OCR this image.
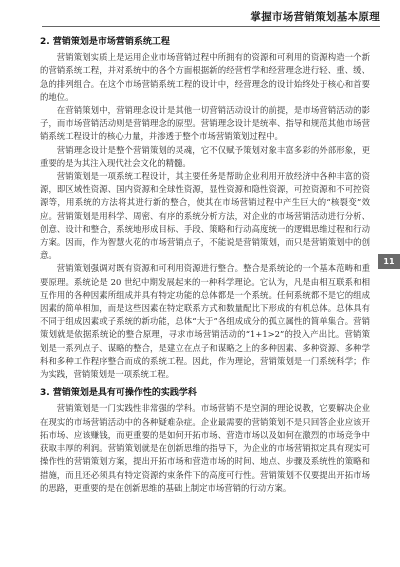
掌握市场营销策划基本原理
11
2. 营销策划是市场营销系统工程

营销策划实质上是运用企业市场营销过程中所拥有的资源和可利用的资源构造一个新的营销系统工程，并对系统中的各个方面根据新的经营哲学和经营理念进行轻、重、缓、急的排列组合。在这个市场营销系统工程的设计中，经营理念的设计始终处于核心和首要的地位。

在营销策划中，营销理念设计是其他一切营销活动设计的前提，是市场营销活动的影子，而市场营销活动则是营销理念的原型。营销理念设计是统率、指导和规范其他市场营销系统工程设计的核心力量，并渗透于整个市场营销策划过程中。

营销理念设计是整个营销策划的灵魂，它不仅赋予策划对象丰富多彩的外部形象，更重要的是为其注入现代社会文化的精髓。

营销策划是一项系统工程设计，其主要任务是帮助企业利用开放经济中各种丰富的资源，即区域性资源、国内资源和全球性资源，显性资源和隐性资源，可控资源和不可控资源等，用系统的方法将其进行新的整合，使其在市场营销过程中产生巨大的“核裂变”效应。营销策划是用科学、周密、有序的系统分析方法，对企业的市场营销活动进行分析、创意、设计和整合，系统地形成目标、手段、策略和行动高度统一的逻辑思维过程和行动方案。因而，作为智慧火花的市场营销点子，不能说是营销策划，而只是营销策划中的创意。

营销策划强调对既有资源和可利用资源进行整合。整合是系统论的一个基本范畴和重要原理。系统论是 20 世纪中期发展起来的一种科学理论。它认为，凡是由相互联系和相互作用的各种因素所组成并具有特定功能的总体都是一个系统。任何系统都不是它的组成因素的简单相加，而是这些因素在特定联系方式和数量配比下形成的有机总体。总体具有不同于组成因素或子系统的新功能，总体“大于”各组成成分的孤立属性的简单集合。营销策划就是依据系统论的整合原理，寻求市场营销活动的“1+1>2”的投入产出比。营销策划是一系列点子、谋略的整合，是建立在点子和谋略之上的多种因素、多种资源、多种学科和多种工作程序整合而成的系统工程。因此，作为理论，营销策划是一门系统科学；作为实践，营销策划是一项系统工程。

3. 营销策划是具有可操作性的实践学科

营销策划是一门实践性非常强的学科。市场营销不是空洞的理论说教，它要解决企业在现实的市场营销活动中的各种疑难杂症。企业最需要的营销策划不是只回答企业应该开拓市场、应该赚钱，而更重要的是如何开拓市场、营造市场以及如何在激烈的市场竞争中获取丰厚的利润。营销策划就是在创新思维的指导下，为企业的市场营销拟定具有现实可操作性的营销策划方案，提出开拓市场和营造市场的时间、地点、步骤及系统性的策略和措施，而且还必须具有特定资源约束条件下的高度可行性。营销策划不仅要提出开拓市场的思路，更重要的是在创新思维的基础上制定市场营销的行动方案。
